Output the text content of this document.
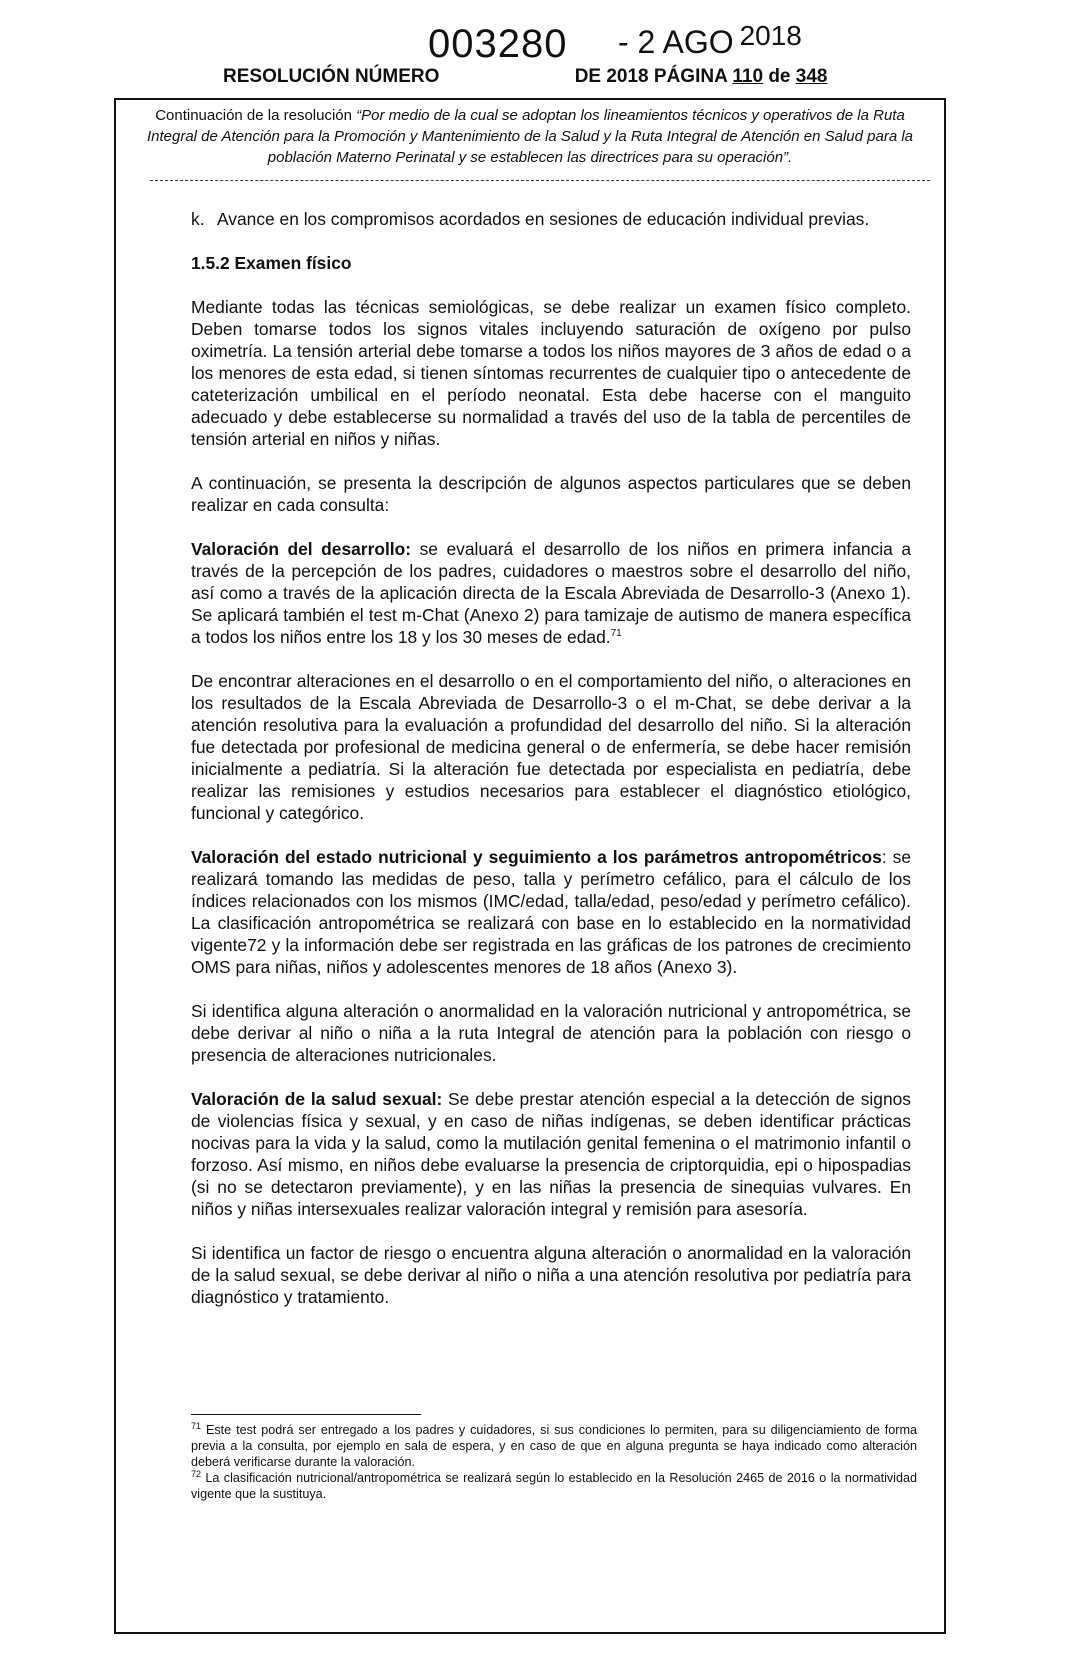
003280 - 2 AGO 2018
RESOLUCIÓN NÚMERO	DE 2018 PÁGINA 110 de 348
Continuación de la resolución “Por medio de la cual se adoptan los lineamientos técnicos y operativos de la Ruta Integral de Atención para la Promoción y Mantenimiento de la Salud y la Ruta Integral de Atención en Salud para la población Materno Perinatal y se establecen las directrices para su operación”.
k. Avance en los compromisos acordados en sesiones de educación individual previas.

1.5.2 Examen físico

Mediante todas las técnicas semiológicas, se debe realizar un examen físico completo. Deben tomarse todos los signos vitales incluyendo saturación de oxígeno por pulso oximetría. La tensión arterial debe tomarse a todos los niños mayores de 3 años de edad o a los menores de esta edad, si tienen síntomas recurrentes de cualquier tipo o antecedente de cateterización umbilical en el período neonatal. Esta debe hacerse con el manguito adecuado y debe establecerse su normalidad a través del uso de la tabla de percentiles de tensión arterial en niños y niñas.

A continuación, se presenta la descripción de algunos aspectos particulares que se deben realizar en cada consulta:

Valoración del desarrollo: se evaluará el desarrollo de los niños en primera infancia a través de la percepción de los padres, cuidadores o maestros sobre el desarrollo del niño, así como a través de la aplicación directa de la Escala Abreviada de Desarrollo-3 (Anexo 1). Se aplicará también el test m-Chat (Anexo 2) para tamizaje de autismo de manera específica a todos los niños entre los 18 y los 30 meses de edad.$^{71}$

De encontrar alteraciones en el desarrollo o en el comportamiento del niño, o alteraciones en los resultados de la Escala Abreviada de Desarrollo-3 o el m-Chat, se debe derivar a la atención resolutiva para la evaluación a profundidad del desarrollo del niño. Si la alteración fue detectada por profesional de medicina general o de enfermería, se debe hacer remisión inicialmente a pediatría. Si la alteración fue detectada por especialista en pediatría, debe realizar las remisiones y estudios necesarios para establecer el diagnóstico etiológico, funcional y categórico.

Valoración del estado nutricional y seguimiento a los parámetros antropométricos: se realizará tomando las medidas de peso, talla y perímetro cefálico, para el cálculo de los índices relacionados con los mismos (IMC/edad, talla/edad, peso/edad y perímetro cefálico). La clasificación antropométrica se realizará con base en lo establecido en la normatividad vigente72 y la información debe ser registrada en las gráficas de los patrones de crecimiento OMS para niñas, niños y adolescentes menores de 18 años (Anexo 3).

Si identifica alguna alteración o anormalidad en la valoración nutricional y antropométrica, se debe derivar al niño o niña a la ruta Integral de atención para la población con riesgo o presencia de alteraciones nutricionales.

Valoración de la salud sexual: Se debe prestar atención especial a la detección de signos de violencias física y sexual, y en caso de niñas indígenas, se deben identificar prácticas nocivas para la vida y la salud, como la mutilación genital femenina o el matrimonio infantil o forzoso. Así mismo, en niños debe evaluarse la presencia de criptorquidia, epi o hipospadias (si no se detectaron previamente), y en las niñas la presencia de sinequias vulvares. En niños y niñas intersexuales realizar valoración integral y remisión para asesoría.

Si identifica un factor de riesgo o encuentra alguna alteración o anormalidad en la valoración de la salud sexual, se debe derivar al niño o niña a una atención resolutiva por pediatría para diagnóstico y tratamiento.

$^{71}$ Este test podrá ser entregado a los padres y cuidadores, si sus condiciones lo permiten, para su diligenciamiento de forma previa a la consulta, por ejemplo en sala de espera, y en caso de que en alguna pregunta se haya indicado como alteración deberá verificarse durante la valoración.

$^{72}$ La clasificación nutricional/antropométrica se realizará según lo establecido en la Resolución 2465 de 2016 o la normatividad vigente que la sustituya.
